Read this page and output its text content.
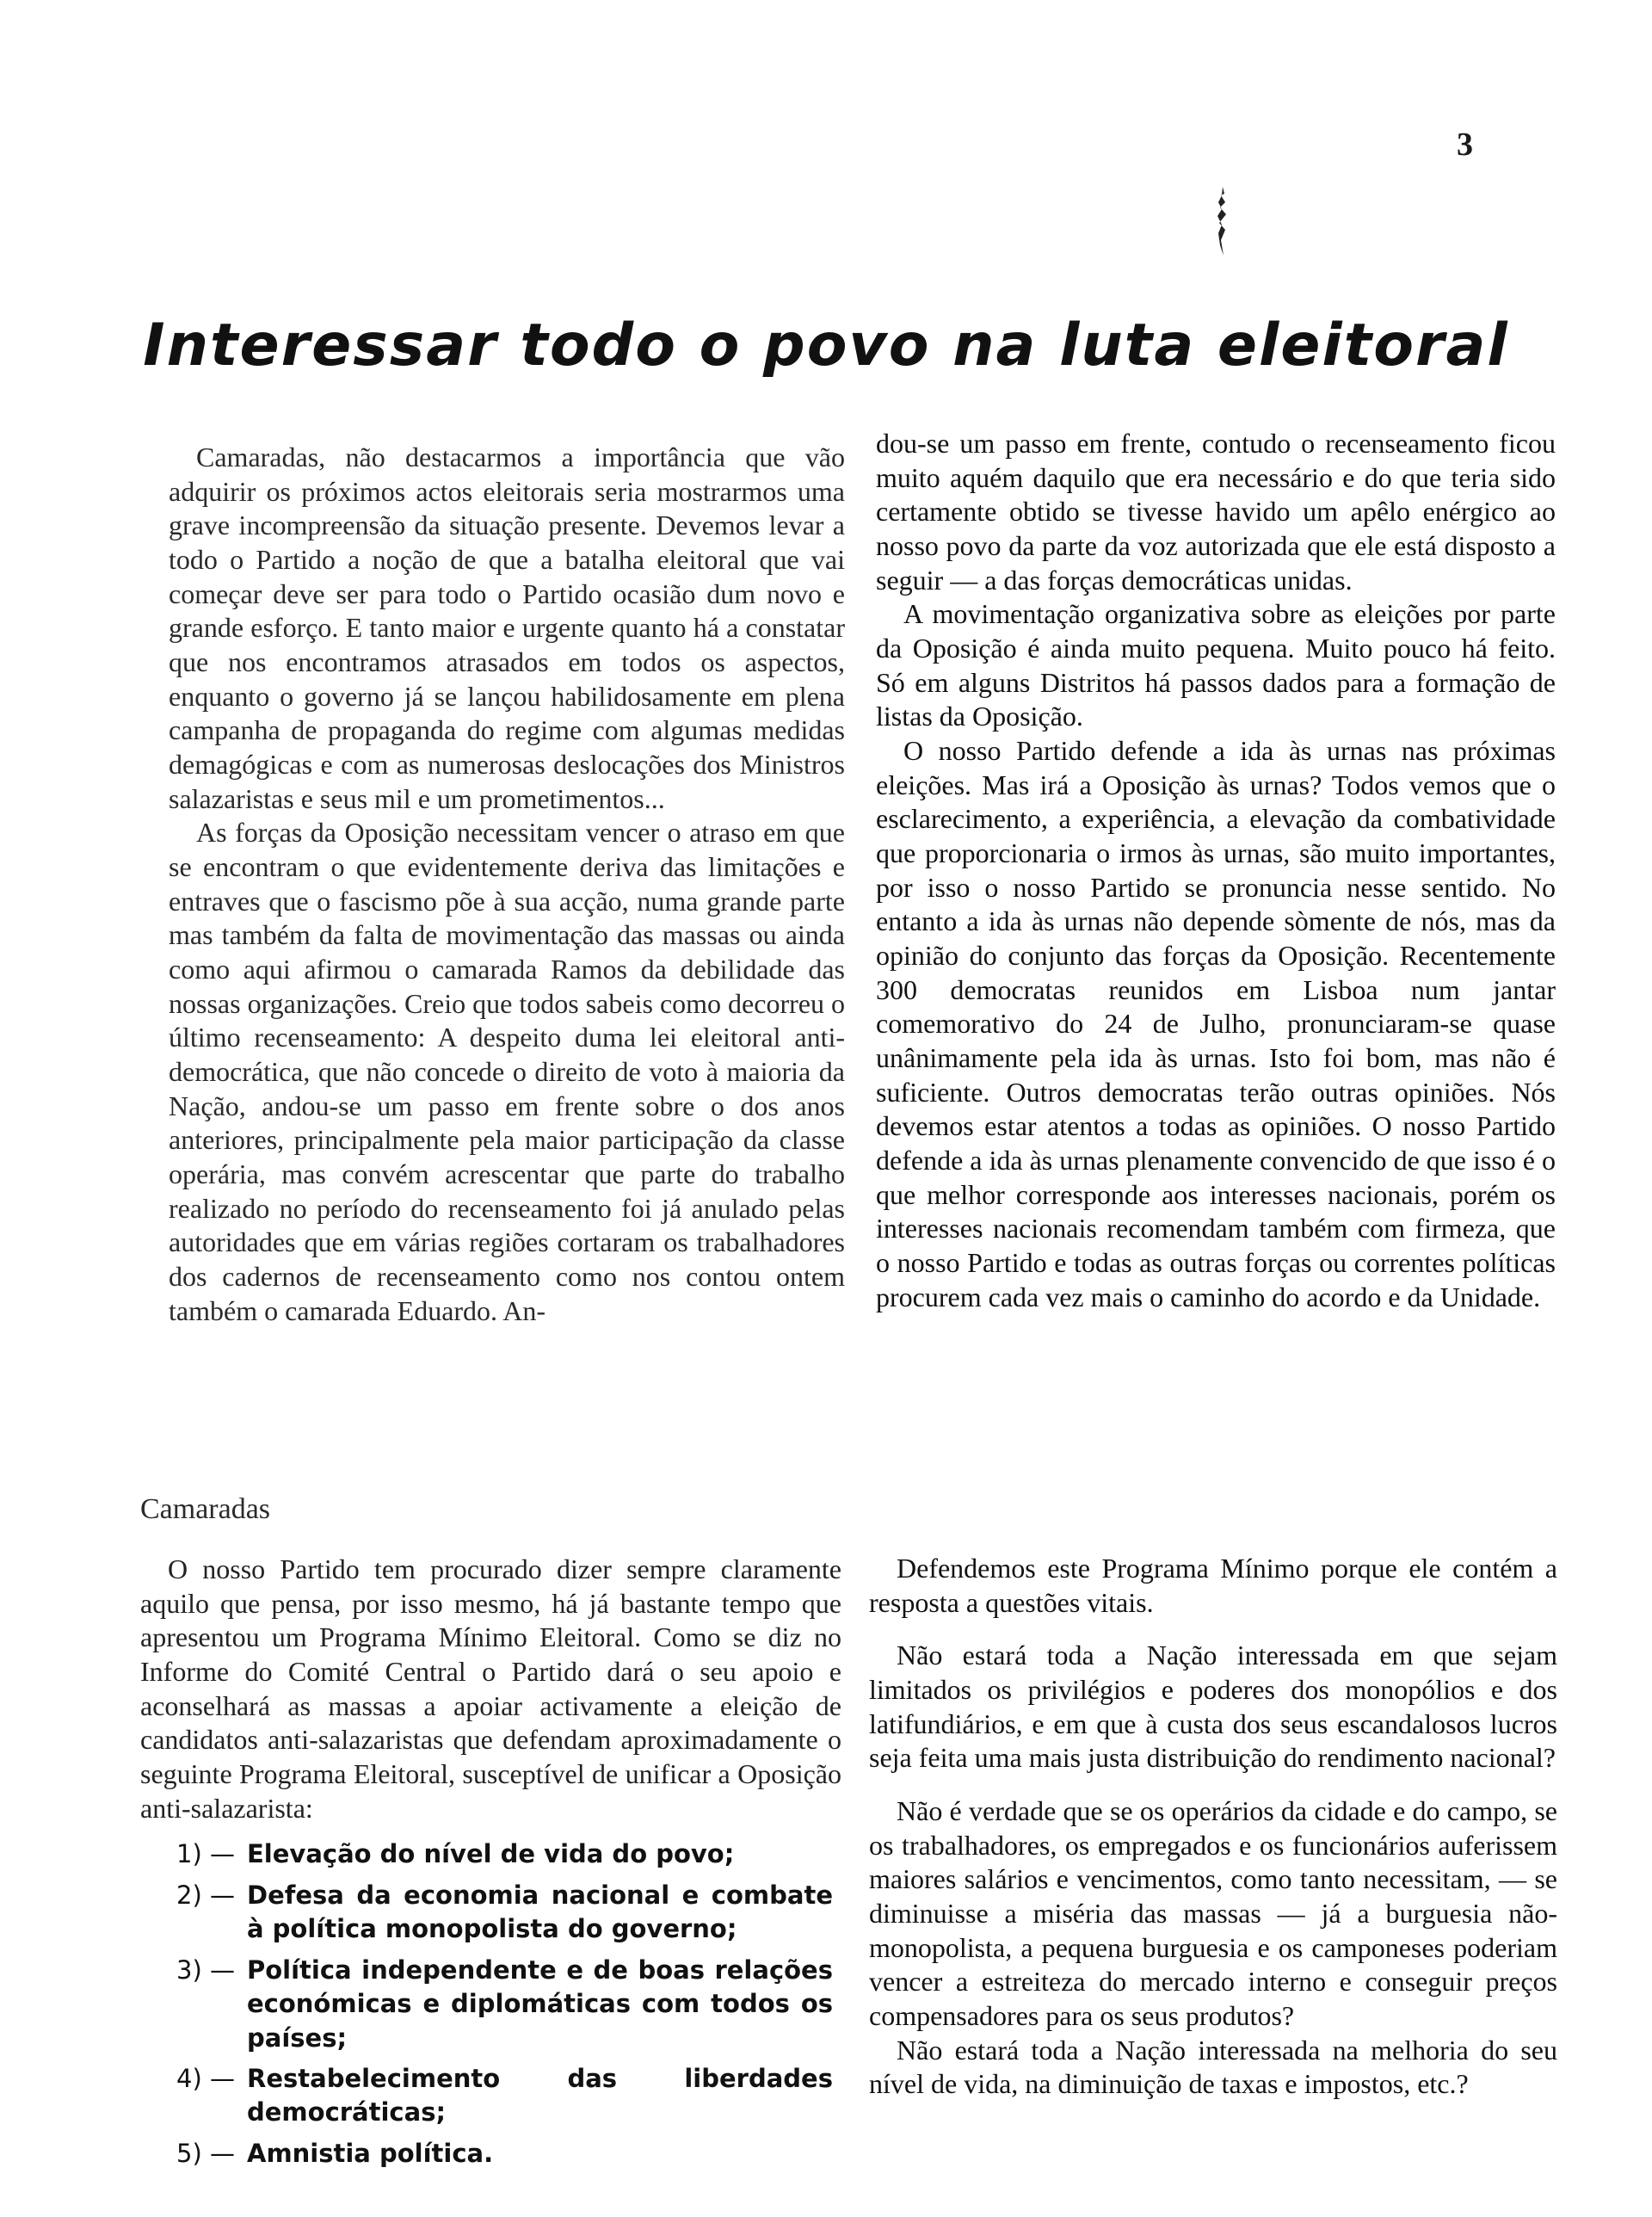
3
Interessar todo o povo na luta eleitoral

Camaradas, não destacarmos a importância que vão adquirir os próximos actos eleitorais seria mostrarmos uma grave incompreensão da situação presente. Devemos levar a todo o Partido a noção de que a batalha eleitoral que vai começar deve ser para todo o Partido ocasião dum novo e grande esforço. E tanto maior e urgente quanto há a constatar que nos encontramos atrasados em todos os aspectos, enquanto o governo já se lançou habilidosamente em plena campanha de propaganda do regime com algumas medidas demagógicas e com as numerosas deslocações dos Ministros salazaristas e seus mil e um prometimentos...

As forças da Oposição necessitam vencer o atraso em que se encontram o que evidentemente deriva das limitações e entraves que o fascismo põe à sua acção, numa grande parte mas também da falta de movimentação das massas ou ainda como aqui afirmou o camarada Ramos da debilidade das nossas organizações. Creio que todos sabeis como decorreu o último recenseamento: A despeito duma lei eleitoral anti-democrática, que não concede o direito de voto à maioria da Nação, andou-se um passo em frente sobre o dos anos anteriores, principalmente pela maior participação da classe operária, mas convém acrescentar que parte do trabalho realizado no período do recenseamento foi já anulado pelas autoridades que em várias regiões cortaram os trabalhadores dos cadernos de recenseamento como nos contou ontem também o camarada Eduardo. An-

dou-se um passo em frente, contudo o recenseamento ficou muito aquém daquilo que era necessário e do que teria sido certamente obtido se tivesse havido um apêlo enérgico ao nosso povo da parte da voz autorizada que ele está disposto a seguir — a das forças democráticas unidas.

A movimentação organizativa sobre as eleições por parte da Oposição é ainda muito pequena. Muito pouco há feito. Só em alguns Distritos há passos dados para a formação de listas da Oposição.

O nosso Partido defende a ida às urnas nas próximas eleições. Mas irá a Oposição às urnas? Todos vemos que o esclarecimento, a experiência, a elevação da combatividade que proporcionaria o irmos às urnas, são muito importantes, por isso o nosso Partido se pronuncia nesse sentido. No entanto a ida às urnas não depende sòmente de nós, mas da opinião do conjunto das forças da Oposição. Recentemente 300 democratas reunidos em Lisboa num jantar comemorativo do 24 de Julho, pronunciaram-se quase unânimamente pela ida às urnas. Isto foi bom, mas não é suficiente. Outros democratas terão outras opiniões. Nós devemos estar atentos a todas as opiniões. O nosso Partido defende a ida às urnas plenamente convencido de que isso é o que melhor corresponde aos interesses nacionais, porém os interesses nacionais recomendam também com firmeza, que o nosso Partido e todas as outras forças ou correntes políticas procurem cada vez mais o caminho do acordo e da Unidade.

Camaradas

O nosso Partido tem procurado dizer sempre claramente aquilo que pensa, por isso mesmo, há já bastante tempo que apresentou um Programa Mínimo Eleitoral. Como se diz no Informe do Comité Central o Partido dará o seu apoio e aconselhará as massas a apoiar activamente a eleição de candidatos anti-salazaristas que defendam aproximadamente o seguinte Programa Eleitoral, susceptível de unificar a Oposição anti-salazarista:

1) — Elevação do nível de vida do povo;
2) — Defesa da economia nacional e combate à política monopolista do governo;
3) — Política independente e de boas relações económicas e diplomáticas com todos os países;
4) — Restabelecimento das liberdades democráticas;
5) — Amnistia política.

Defendemos este Programa Mínimo porque ele contém a resposta a questões vitais.

Não estará toda a Nação interessada em que sejam limitados os privilégios e poderes dos monopólios e dos latifundiários, e em que à custa dos seus escandalosos lucros seja feita uma mais justa distribuição do rendimento nacional?

Não é verdade que se os operários da cidade e do campo, se os trabalhadores, os empregados e os funcionários auferissem maiores salários e vencimentos, como tanto necessitam, — se diminuisse a miséria das massas — já a burguesia não-monopolista, a pequena burguesia e os camponeses poderiam vencer a estreiteza do mercado interno e conseguir preços compensadores para os seus produtos?

Não estará toda a Nação interessada na melhoria do seu nível de vida, na diminuição de taxas e impostos, etc.?
